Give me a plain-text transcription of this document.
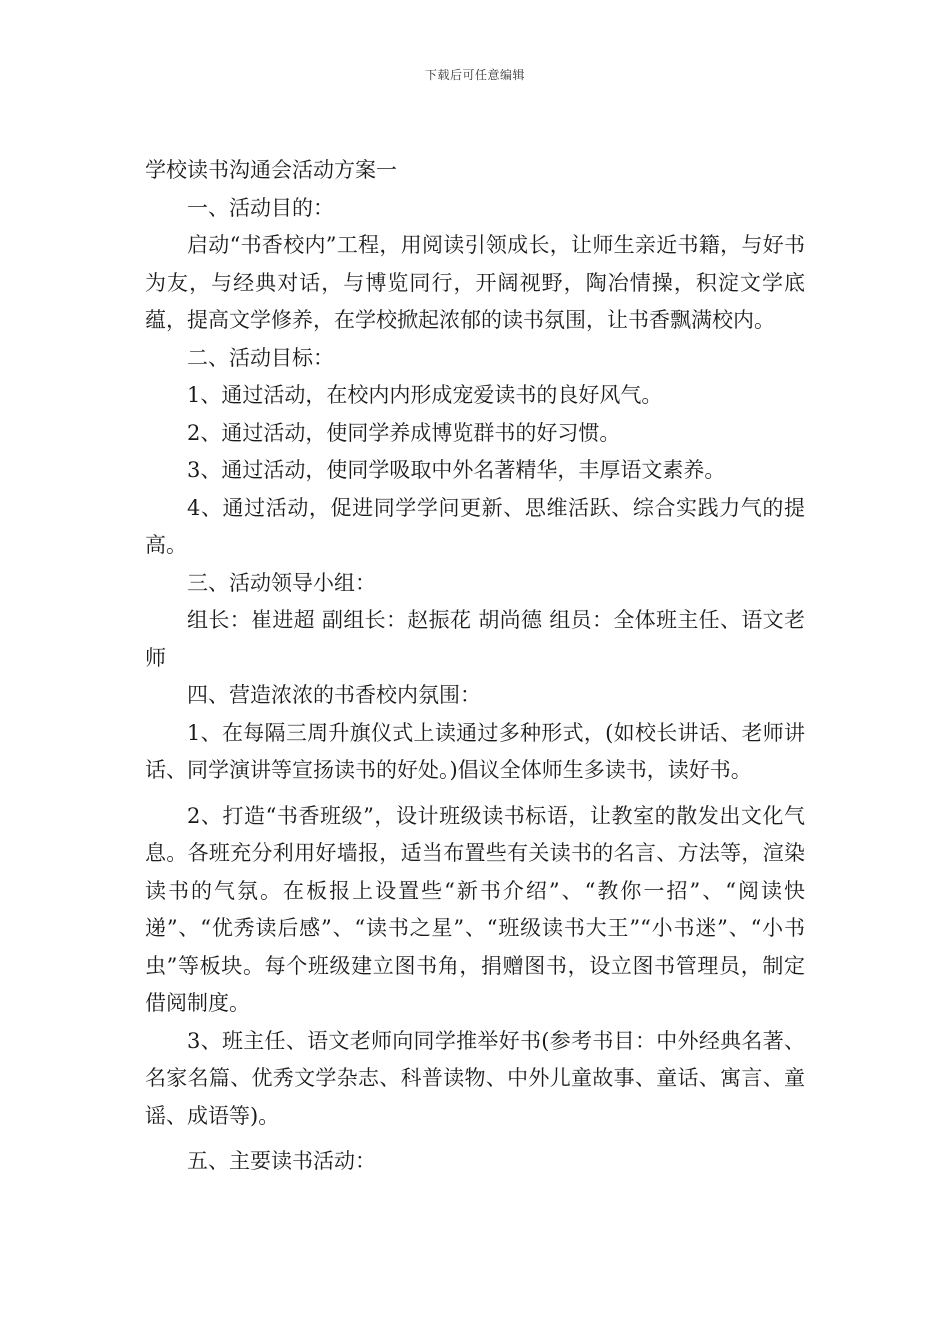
下载后可任意编辑

学校读书沟通会活动方案一

一、活动目的：

启动“书香校内”工程，用阅读引领成长，让师生亲近书籍，与好书为友，与经典对话，与博览同行，开阔视野，陶冶情操，积淀文学底蕴，提高文学修养，在学校掀起浓郁的读书氛围，让书香飘满校内。

二、活动目标：

1、通过活动，在校内内形成宠爱读书的良好风气。

2、通过活动，使同学养成博览群书的好习惯。

3、通过活动，使同学吸取中外名著精华，丰厚语文素养。

4、通过活动，促进同学学问更新、思维活跃、综合实践力气的提高。

三、活动领导小组：

组长：崔进超 副组长：赵振花 胡尚德 组员：全体班主任、语文老师

四、营造浓浓的书香校内氛围：

1、在每隔三周升旗仪式上读通过多种形式，(如校长讲话、老师讲话、同学演讲等宣扬读书的好处。)倡议全体师生多读书，读好书。

2、打造“书香班级”，设计班级读书标语，让教室的散发出文化气息。各班充分利用好墙报，适当布置些有关读书的名言、方法等，渲染读书的气氛。在板报上设置些“新书介绍”、“教你一招”、“阅读快递”、“优秀读后感”、“读书之星”、“班级读书大王”“小书迷”、“小书虫”等板块。每个班级建立图书角，捐赠图书，设立图书管理员，制定借阅制度。

3、班主任、语文老师向同学推举好书(参考书目：中外经典名著、名家名篇、优秀文学杂志、科普读物、中外儿童故事、童话、寓言、童谣、成语等)。

五、主要读书活动：
